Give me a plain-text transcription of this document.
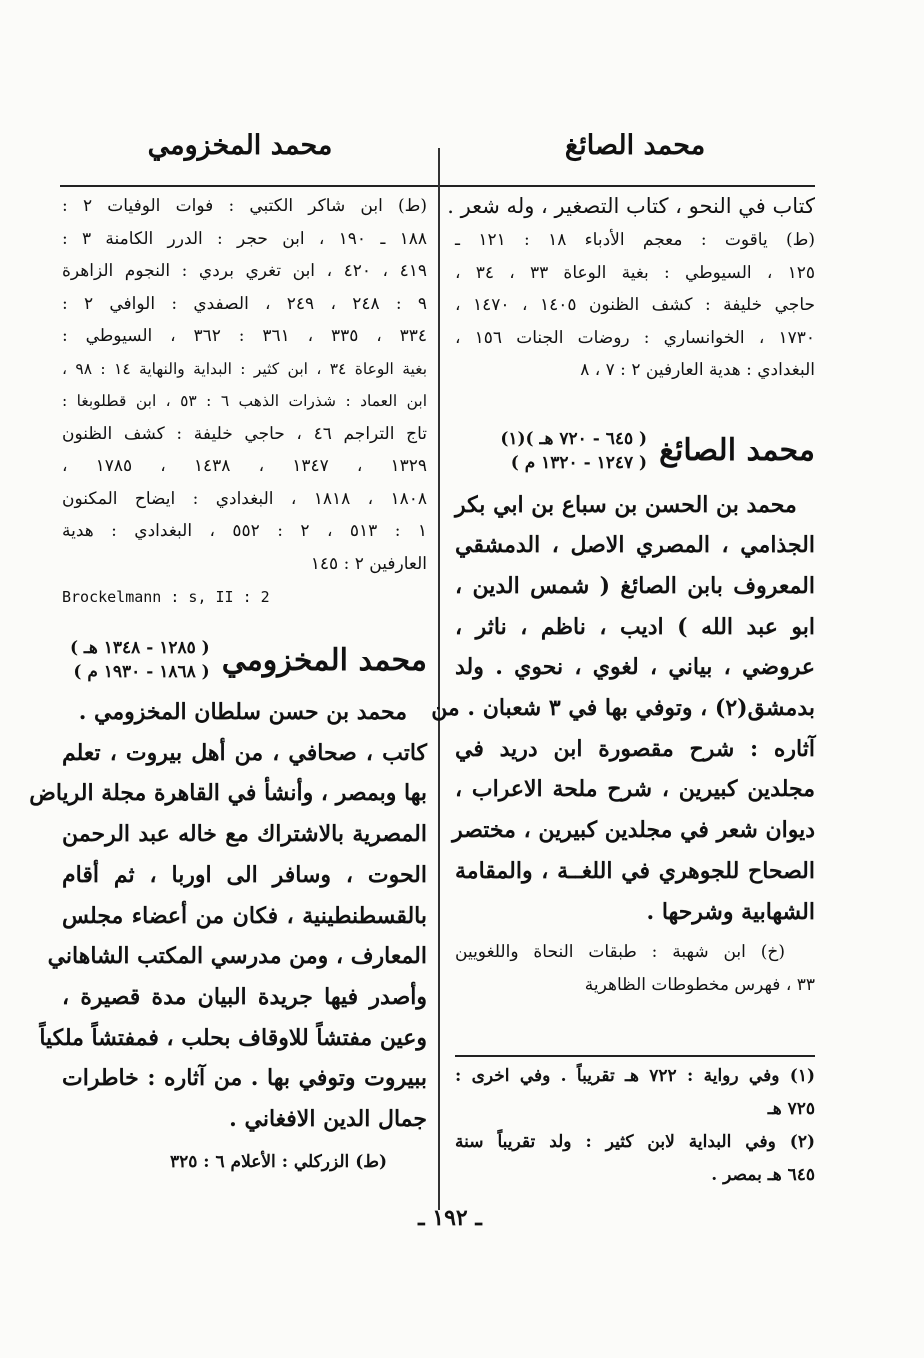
محمد الصائغ
محمد المخزومي
كتاب في النحو ، كتاب التصغير ، وله شعر .
(ط) ياقوت : معجم الأدباء ١٨ : ١٢١ ـ
١٢٥ ، السيوطي : بغية الوعاة ٣٣ ، ٣٤ ،
حاجي خليفة : كشف الظنون ١٤٠٥ ، ١٤٧٠ ،
١٧٣٠ ، الخوانساري : روضات الجنات ١٥٦ ،
البغدادي : هدية العارفين ٢ : ٧ ، ٨
محمد الصائغ
( ٦٤٥ - ٧٢٠ هـ )(١)
( ١٢٤٧ - ١٣٢٠ م )
محمد بن الحسن بن سباع بن ابي بكر
الجذامي ، المصري الاصل ، الدمشقي
المعروف بابن الصائغ ( شمس الدين ،
ابو عبد الله ) اديب ، ناظم ، ناثر ،
عروضي ، بياني ، لغوي ، نحوي . ولد
بدمشق(٢) ، وتوفي بها في ٣ شعبان . من
آثاره : شرح مقصورة ابن دريد في
مجلدين كبيرين ، شرح ملحة الاعراب ،
ديوان شعر في مجلدين كبيرين ، مختصر
الصحاح للجوهري في اللغــة ، والمقامة
الشهابية وشرحها .
(خ) ابن شهبة : طبقات النحاة واللغويين
٣٣ ، فهرس مخطوطات الظاهرية
(١) وفي رواية : ٧٢٢ هـ تقريباً . وفي اخرى :
٧٢٥ هـ
(٢) وفي البداية لابن كثير : ولد تقريباً سنة
٦٤٥ هـ بمصر .
(ط) ابن شاكر الكتبي : فوات الوفيات ٢ :
١٨٨ ـ ١٩٠ ، ابن حجر : الدرر الكامنة ٣ :
٤١٩ ، ٤٢٠ ، ابن تغري بردي : النجوم الزاهرة
٩ : ٢٤٨ ، ٢٤٩ ، الصفدي : الوافي ٢ :
٣٣٤ ، ٣٣٥ ، ٣٦١ : ٣٦٢ ، السيوطي :
بغية الوعاة ٣٤ ، ابن كثير : البداية والنهاية ١٤ : ٩٨ ،
ابن العماد : شذرات الذهب ٦ : ٥٣ ، ابن قطلوبغا :
تاج التراجم ٤٦ ، حاجي خليفة : كشف الظنون
١٣٢٩ ، ١٣٤٧ ، ١٤٣٨ ، ١٧٨٥ ،
١٨٠٨ ، ١٨١٨ ، البغدادي : ايضاح المكنون
١ : ٥١٣ ، ٢ : ٥٥٢ ، البغدادي : هدية
العارفين ٢ : ١٤٥
Brockelmann : s, II : 2
محمد المخزومي
( ١٢٨٥ - ١٣٤٨ هـ )
( ١٨٦٨ - ١٩٣٠ م )
محمد بن حسن سلطان المخزومي .
كاتب ، صحافي ، من أهل بيروت ، تعلم
بها وبمصر ، وأنشأ في القاهرة مجلة الرياض
المصرية بالاشتراك مع خاله عبد الرحمن
الحوت ، وسافر الى اوربا ، ثم أقام
بالقسطنطينية ، فكان من أعضاء مجلس
المعارف ، ومن مدرسي المكتب الشاهاني
وأصدر فيها جريدة البيان مدة قصيرة ،
وعين مفتشاً للاوقاف بحلب ، فمفتشاً ملكياً
ببيروت وتوفي بها . من آثاره : خاطرات
جمال الدين الافغاني .
(ط) الزركلي : الأعلام ٦ : ٣٢٥
ـ ١٩٢ ـ
